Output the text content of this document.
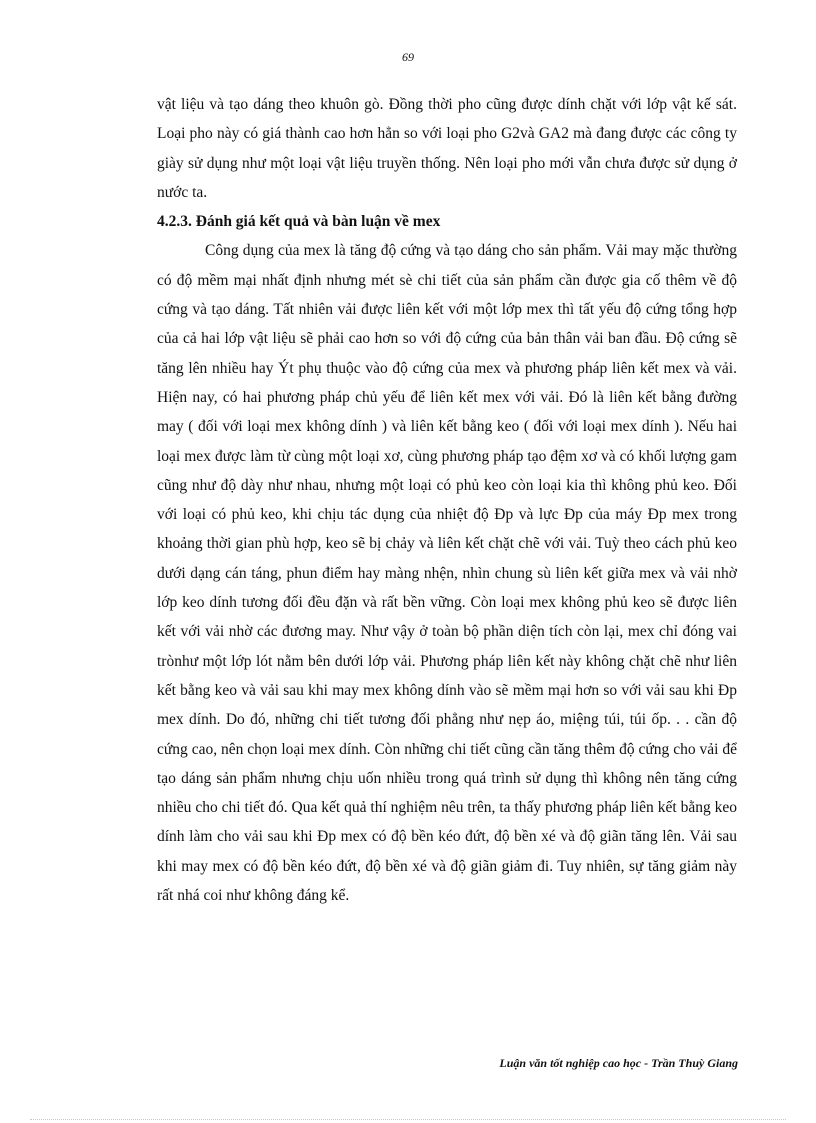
69

vật liệu và tạo dáng theo khuôn gò. Đồng thời pho cũng được dính chặt với lớp vật kế sát. Loại pho này có giá thành cao hơn hẳn so với loại pho G2và GA2 mà đang được các công ty giày sử dụng như một loại vật liệu truyền thống. Nên loại pho mới vẫn chưa được sử dụng ở nước ta.

4.2.3. Đánh giá kết quả và bàn luận về mex

Công dụng của mex là tăng độ cứng và tạo dáng cho sản phẩm. Vải may mặc thường có độ mềm mại nhất định nhưng mét sè chi tiết của sản phẩm cần được gia cố thêm về độ cứng và tạo dáng. Tất nhiên vải được liên kết với một lớp mex thì tất yếu độ cứng tổng hợp của cả hai lớp vật liệu sẽ phải cao hơn so với độ cứng của bản thân vải ban đầu. Độ cứng sẽ tăng lên nhiều hay Ýt phụ thuộc vào độ cứng của mex và phương pháp liên kết mex và vải. Hiện nay, có hai phương pháp chủ yếu để liên kết mex với vải. Đó là liên kết bằng đường may ( đối với loại mex không dính ) và liên kết bằng keo ( đối với loại mex dính ). Nếu hai loại mex được làm từ cùng một loại xơ, cùng phương pháp tạo đệm xơ và có khối lượng gam cũng như độ dày như nhau, nhưng một loại có phủ keo còn loại kia thì không phủ keo. Đối với loại có phủ keo, khi chịu tác dụng của nhiệt độ Ðp và lực Ðp của máy Ðp mex trong khoảng thời gian phù hợp, keo sẽ bị chảy và liên kết chặt chẽ với vải. Tuỳ theo cách phủ keo dưới dạng cán táng, phun điểm hay màng nhện, nhìn chung sù liên kết giữa mex và vải nhờ lớp keo dính tương đối đều đặn và rất bền vững. Còn loại mex không phủ keo sẽ được liên kết với vải nhờ các đương may. Như vậy ở toàn bộ phần diện tích còn lại, mex chỉ đóng vai trònhư một lớp lót nằm bên dưới lớp vải. Phương pháp liên kết này không chặt chẽ như liên kết bằng keo và vải sau khi may mex không dính vào sẽ mềm mại hơn so với vải sau khi Ðp mex dính. Do đó, những chi tiết tương đối phẳng như nẹp áo, miệng túi, túi ốp. . . cần độ cứng cao, nên chọn loại mex dính. Còn những chi tiết cũng cần tăng thêm độ cứng cho vải để tạo dáng sản phẩm nhưng chịu uốn nhiều trong quá trình sử dụng thì không nên tăng cứng nhiều cho chi tiết đó. Qua kết quả thí nghiệm nêu trên, ta thấy phương pháp liên kết bằng keo dính làm cho vải sau khi Ðp mex có độ bền kéo đứt, độ bền xé và độ giãn tăng lên. Vải sau khi may mex có độ bền kéo đứt, độ bền xé và độ giãn giảm đi. Tuy nhiên, sự tăng giảm này rất nhá coi như không đáng kể.

Luận văn tốt nghiệp cao học - Trần Thuỳ Giang
